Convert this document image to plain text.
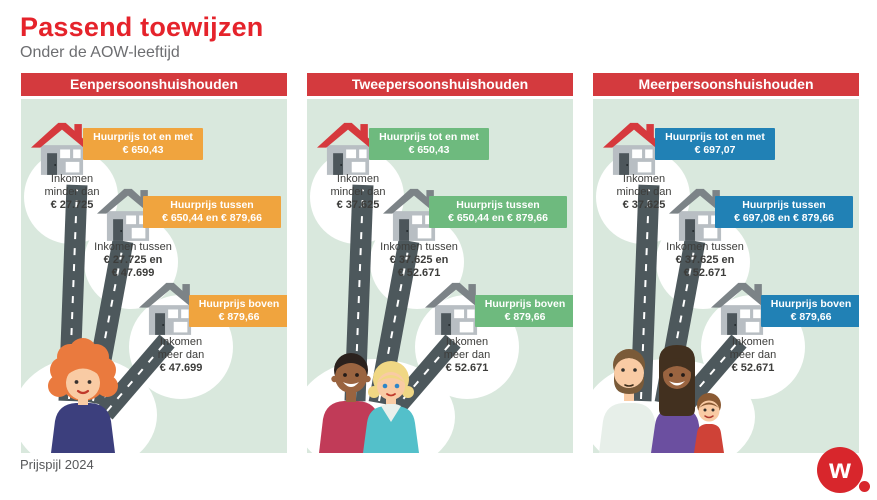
Passend toewijzen
Onder de AOW-leeftijd
Eenpersoonshuishouden
Huurprijs tot en met
€ 650,43
Inkomen
minder dan
€ 27.725	Huurprijs tussen
€ 650,44 en € 879,66
Inkomen tussen
€ 27.725 en
€ 47.699
Huurprijs boven
€ 879,66
Inkomen
meer dan
€ 47.699
Tweepersoonshuishouden
Huurprijs tot en met
€ 650,43
Inkomen
minder dan
€ 37.625	Huurprijs tussen
€ 650,44 en € 879,66
Inkomen tussen
€ 37.625 en
€ 52.671
Huurprijs boven
€ 879,66
Inkomen
meer dan
€ 52.671
Meerpersoonshuishouden
Huurprijs tot en met
€ 697,07
Inkomen
minder dan
€ 37.625	Huurprijs tussen
€ 697,08 en € 879,66
Inkomen tussen
€ 37.625 en
€ 52.671
Huurprijs boven
€ 879,66
Inkomen
meer dan
€ 52.671
Prijspijl 2024	w
